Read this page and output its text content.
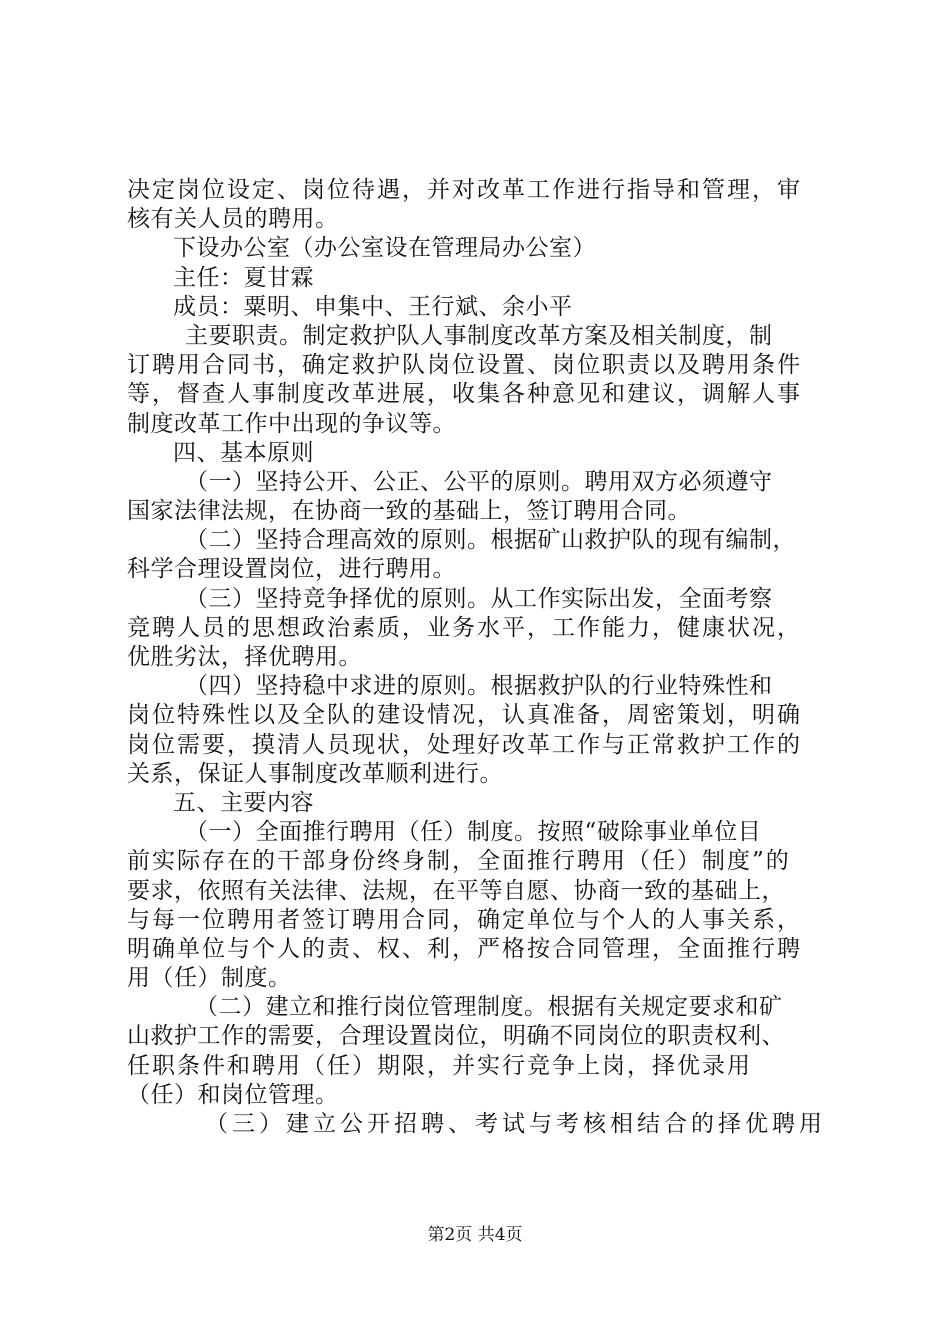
决定岗位设定、岗位待遇，并对改革工作进行指导和管理，审
核有关人员的聘用。
下设办公室（办公室设在管理局办公室）
主任：夏甘霖
成员：粟明、申集中、王行斌、余小平
主要职责。制定救护队人事制度改革方案及相关制度，制
订聘用合同书，确定救护队岗位设置、岗位职责以及聘用条件
等，督查人事制度改革进展，收集各种意见和建议，调解人事
制度改革工作中出现的争议等。
四、基本原则
（一）坚持公开、公正、公平的原则。聘用双方必须遵守
国家法律法规，在协商一致的基础上，签订聘用合同。
（二）坚持合理高效的原则。根据矿山救护队的现有编制，
科学合理设置岗位，进行聘用。
（三）坚持竞争择优的原则。从工作实际出发，全面考察
竞聘人员的思想政治素质，业务水平，工作能力，健康状况，
优胜劣汰，择优聘用。
（四）坚持稳中求进的原则。根据救护队的行业特殊性和
岗位特殊性以及全队的建设情况，认真准备，周密策划，明确
岗位需要，摸清人员现状，处理好改革工作与正常救护工作的
关系，保证人事制度改革顺利进行。
五、主要内容
（一）全面推行聘用（任）制度。按照“破除事业单位目
前实际存在的干部身份终身制，全面推行聘用（任）制度”的
要求，依照有关法律、法规，在平等自愿、协商一致的基础上，
与每一位聘用者签订聘用合同，确定单位与个人的人事关系，
明确单位与个人的责、权、利，严格按合同管理，全面推行聘
用（任）制度。
（二）建立和推行岗位管理制度。根据有关规定要求和矿
山救护工作的需要，合理设置岗位，明确不同岗位的职责权利、
任职条件和聘用（任）期限，并实行竞争上岗，择优录用
（任）和岗位管理。
（三）建立公开招聘、考试与考核相结合的择优聘用
第2页 共4页
